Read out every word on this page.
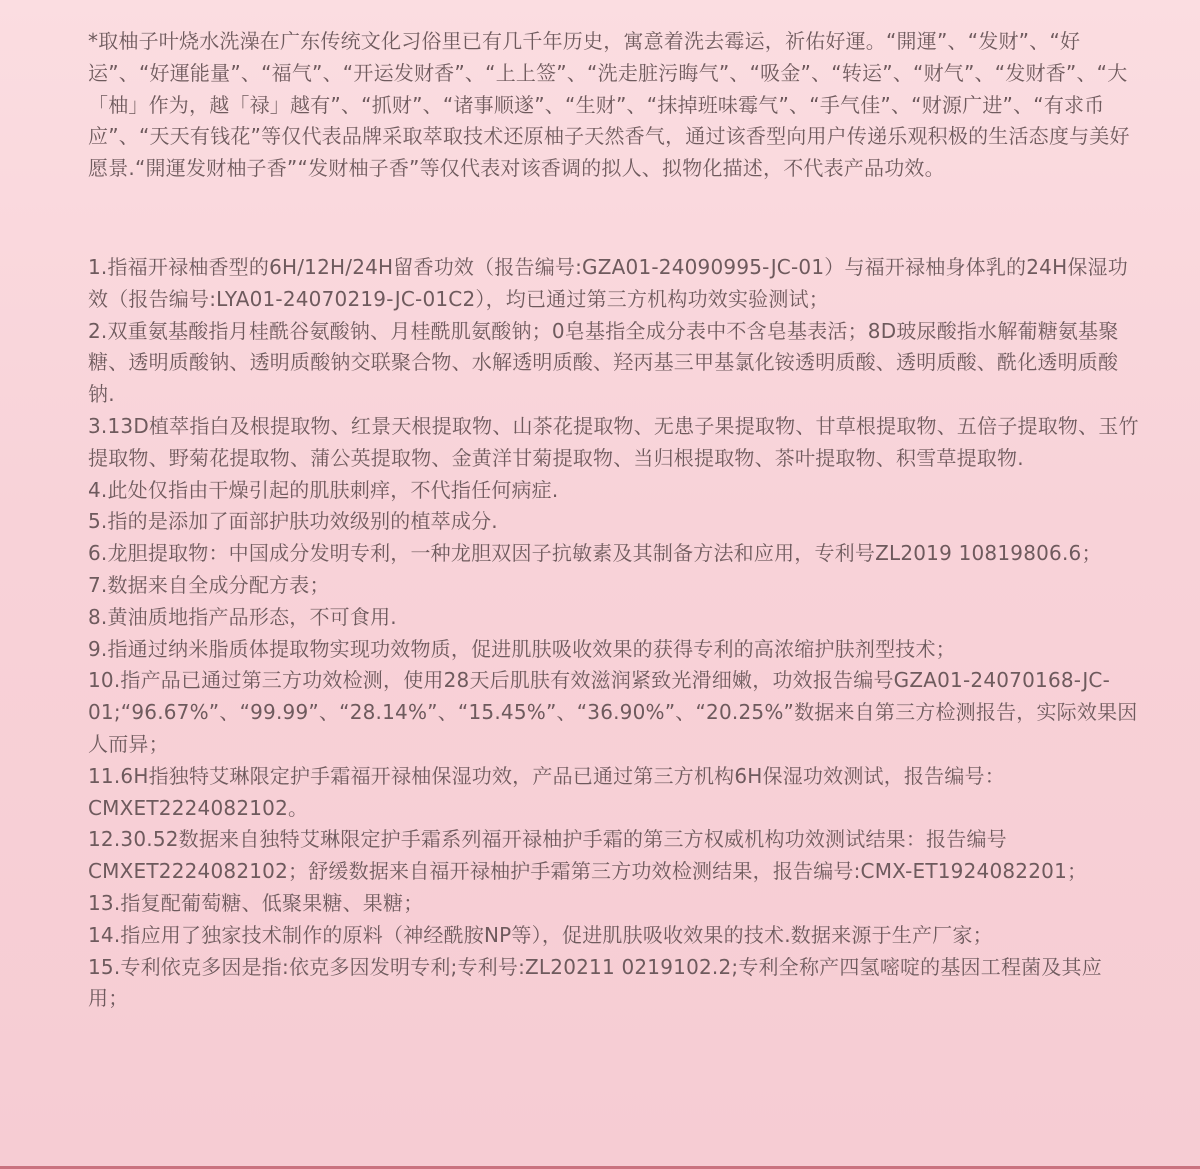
*取柚子叶烧水洗澡在广东传统文化习俗里已有几千年历史，寓意着洗去霉运，祈佑好運。“開運”、“发财”、“好运”、“好運能量”、“福气”、“开运发财香”、“上上签”、“洗走脏污晦气”、“吸金”、“转运”、“财气”、“发财香”、“大「柚」作为，越「禄」越有”、“抓财”、“诸事顺遂”、“生财”、“抹掉班味霉气”、“手气佳”、“财源广进”、“有求币应”、“天天有钱花”等仅代表品牌采取萃取技术还原柚子天然香气，通过该香型向用户传递乐观积极的生活态度与美好愿景.“開運发财柚子香”“发财柚子香”等仅代表对该香调的拟人、拟物化描述，不代表产品功效。

1.指福开禄柚香型的6H/12H/24H留香功效（报告编号:GZA01-24090995-JC-01）与福开禄柚身体乳的24H保湿功效（报告编号:LYA01-24070219-JC-01C2），均已通过第三方机构功效实验测试；
2.双重氨基酸指月桂酰谷氨酸钠、月桂酰肌氨酸钠；0皂基指全成分表中不含皂基表活；8D玻尿酸指水解葡糖氨基聚糖、透明质酸钠、透明质酸钠交联聚合物、水解透明质酸、羟丙基三甲基氯化铵透明质酸、透明质酸、酰化透明质酸钠.
3.13D植萃指白及根提取物、红景天根提取物、山茶花提取物、无患子果提取物、甘草根提取物、五倍子提取物、玉竹提取物、野菊花提取物、蒲公英提取物、金黄洋甘菊提取物、当归根提取物、茶叶提取物、积雪草提取物.
4.此处仅指由干燥引起的肌肤刺痒，不代指任何病症.
5.指的是添加了面部护肤功效级别的植萃成分.
6.龙胆提取物：中国成分发明专利，一种龙胆双因子抗敏素及其制备方法和应用，专利号ZL2019 10819806.6；
7.数据来自全成分配方表；
8.黄油质地指产品形态，不可食用.
9.指通过纳米脂质体提取物实现功效物质，促进肌肤吸收效果的获得专利的高浓缩护肤剂型技术；
10.指产品已通过第三方功效检测，使用28天后肌肤有效滋润紧致光滑细嫩，功效报告编号GZA01-24070168-JC-01;“96.67%”、“99.99”、“28.14%”、“15.45%”、“36.90%”、“20.25%”数据来自第三方检测报告，实际效果因人而异；
11.6H指独特艾琳限定护手霜福开禄柚保湿功效，产品已通过第三方机构6H保湿功效测试，报告编号：CMXET2224082102。
12.30.52数据来自独特艾琳限定护手霜系列福开禄柚护手霜的第三方权威机构功效测试结果：报告编号CMXET2224082102；舒缓数据来自福开禄柚护手霜第三方功效检测结果，报告编号:CMX-ET1924082201；
13.指复配葡萄糖、低聚果糖、果糖；
14.指应用了独家技术制作的原料（神经酰胺NP等），促进肌肤吸收效果的技术.数据来源于生产厂家；
15.专利依克多因是指:依克多因发明专利;专利号:ZL20211 0219102.2;专利全称产四氢嘧啶的基因工程菌及其应用；
